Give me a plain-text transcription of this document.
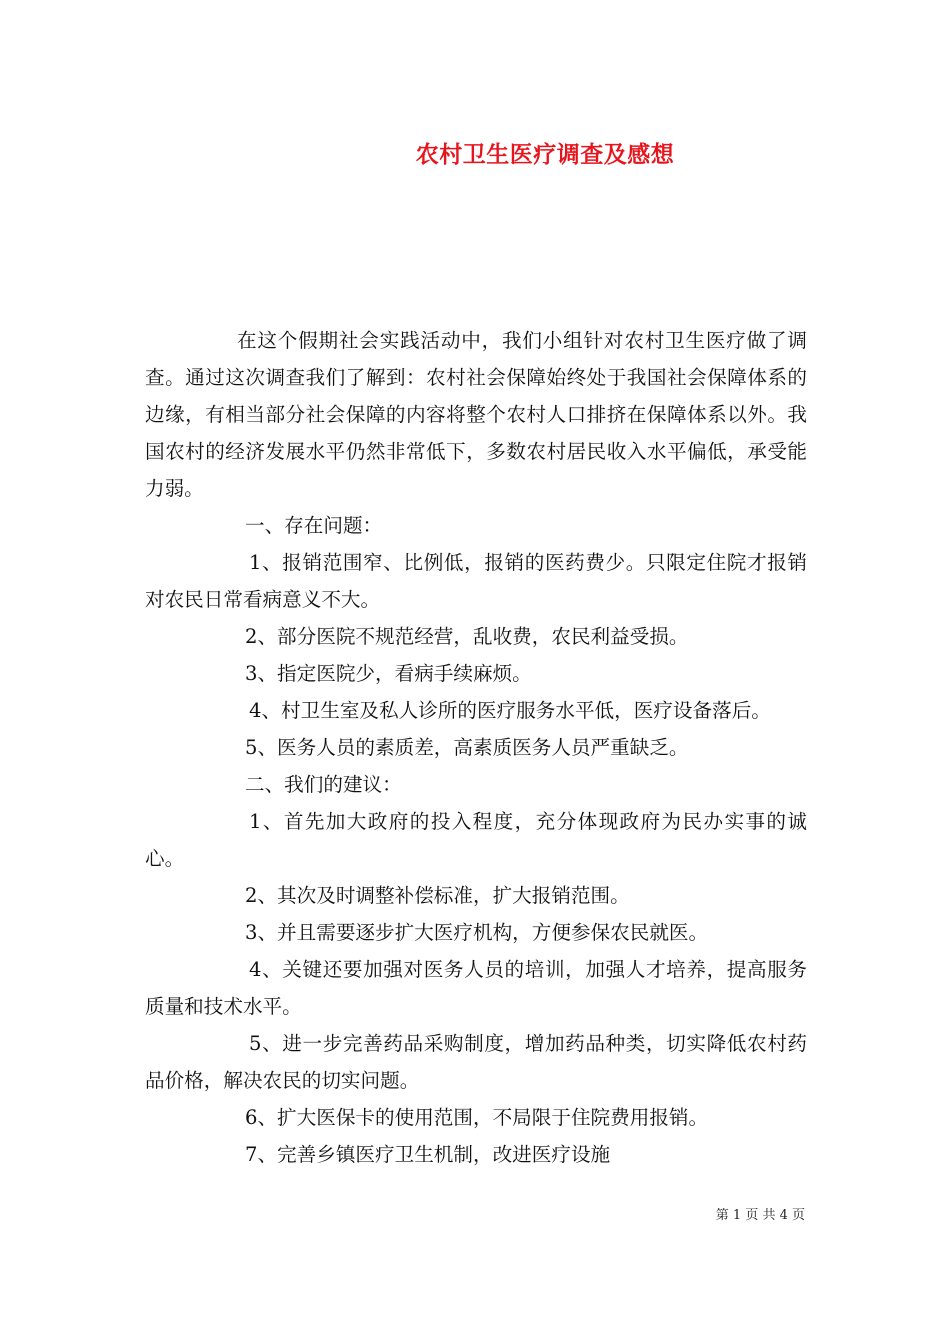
农村卫生医疗调查及感想

在这个假期社会实践活动中，我们小组针对农村卫生医疗做了调查。通过这次调查我们了解到：农村社会保障始终处于我国社会保障体系的边缘，有相当部分社会保障的内容将整个农村人口排挤在保障体系以外。我国农村的经济发展水平仍然非常低下，多数农村居民收入水平偏低，承受能力弱。

一、存在问题：

1、报销范围窄、比例低，报销的医药费少。只限定住院才报销对农民日常看病意义不大。

2、部分医院不规范经营，乱收费，农民利益受损。

3、指定医院少，看病手续麻烦。

4、村卫生室及私人诊所的医疗服务水平低，医疗设备落后。

5、医务人员的素质差，高素质医务人员严重缺乏。

二、我们的建议：

1、首先加大政府的投入程度，充分体现政府为民办实事的诚心。

2、其次及时调整补偿标准，扩大报销范围。

3、并且需要逐步扩大医疗机构，方便参保农民就医。

4、关键还要加强对医务人员的培训，加强人才培养，提高服务质量和技术水平。

5、进一步完善药品采购制度，增加药品种类，切实降低农村药品价格，解决农民的切实问题。

6、扩大医保卡的使用范围，不局限于住院费用报销。

7、完善乡镇医疗卫生机制，改进医疗设施

第 1 页 共 4 页
